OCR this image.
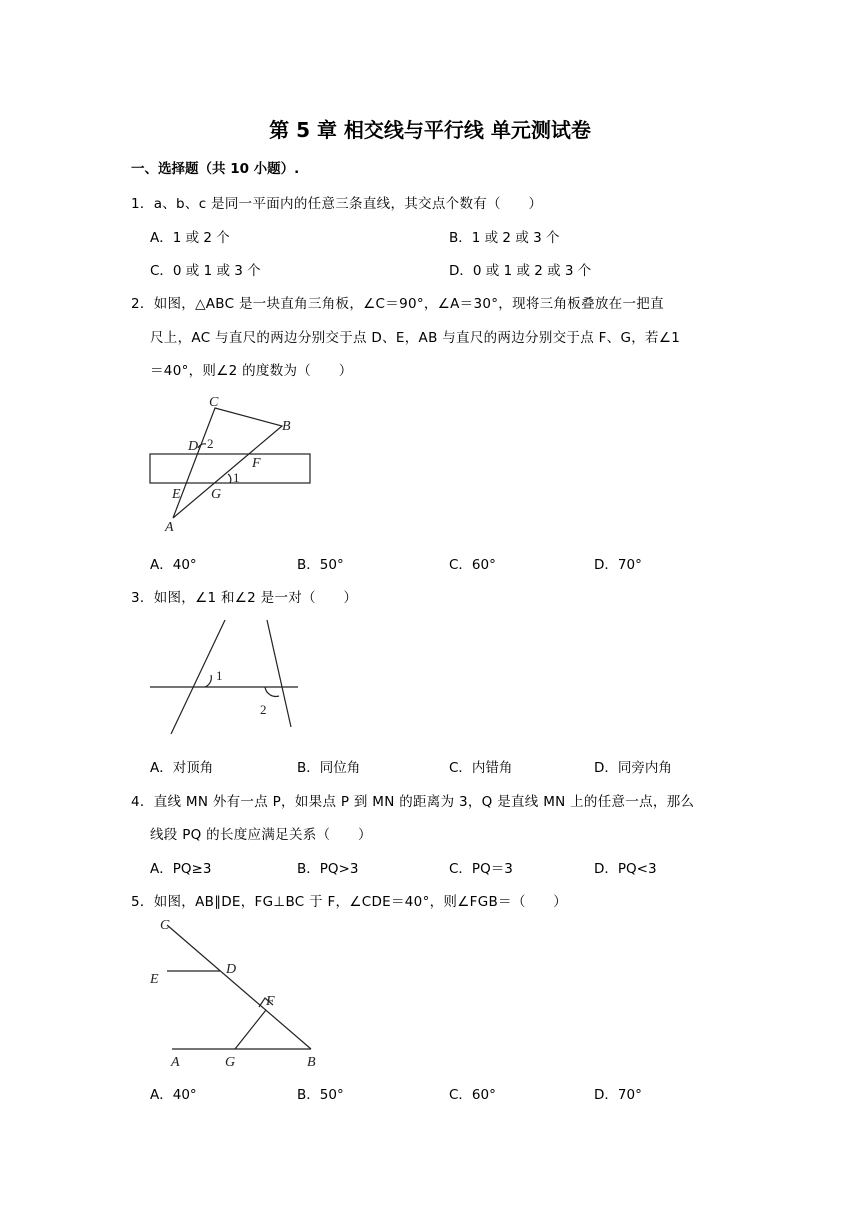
第 5 章 相交线与平行线 单元测试卷
一、选择题（共 10 小题）.
1．a、b、c 是同一平面内的任意三条直线，其交点个数有（　　）
A．1 或 2 个	B．1 或 2 或 3 个
C．0 或 1 或 3 个	D．0 或 1 或 2 或 3 个
2．如图，△ABC 是一块直角三角板，∠C＝90°，∠A＝30°，现将三角板叠放在一把直
尺上，AC 与直尺的两边分别交于点 D、E，AB 与直尺的两边分别交于点 F、G，若∠1
＝40°，则∠2 的度数为（　　）
C
B
D 2
F
1
E G
A
A．40°	B．50°	C．60°	D．70°
3．如图，∠1 和∠2 是一对（　　）
1
2
A．对顶角	B．同位角	C．内错角	D．同旁内角
4．直线 MN 外有一点 P，如果点 P 到 MN 的距离为 3，Q 是直线 MN 上的任意一点，那么
线段 PQ 的长度应满足关系（　　）
A．PQ≥3	B．PQ>3	C．PQ＝3	D．PQ<3
5．如图，AB∥DE，FG⊥BC 于 F，∠CDE＝40°，则∠FGB＝（　　）
C
E
D
F
A	G	B
A．40°	B．50°	C．60°	D．70°
